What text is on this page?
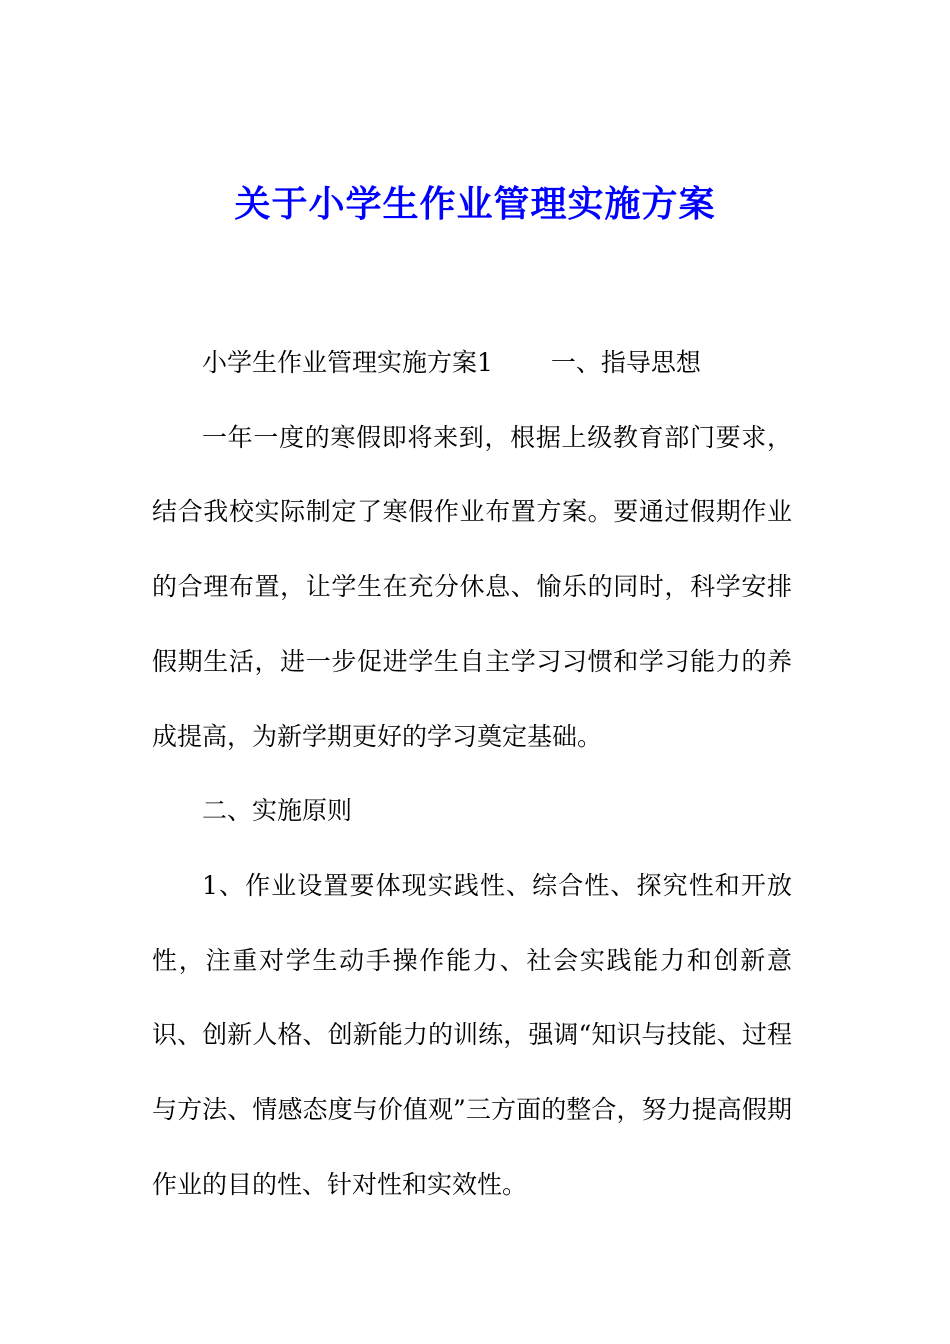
关于小学生作业管理实施方案

小学生作业管理实施方案1 一、指导思想

一年一度的寒假即将来到，根据上级教育部门要求，结合我校实际制定了寒假作业布置方案。要通过假期作业的合理布置，让学生在充分休息、愉乐的同时，科学安排假期生活，进一步促进学生自主学习习惯和学习能力的养成提高，为新学期更好的学习奠定基础。

二、实施原则

1、作业设置要体现实践性、综合性、探究性和开放性，注重对学生动手操作能力、社会实践能力和创新意识、创新人格、创新能力的训练，强调“知识与技能、过程与方法、情感态度与价值观”三方面的整合，努力提高假期作业的目的性、针对性和实效性。
